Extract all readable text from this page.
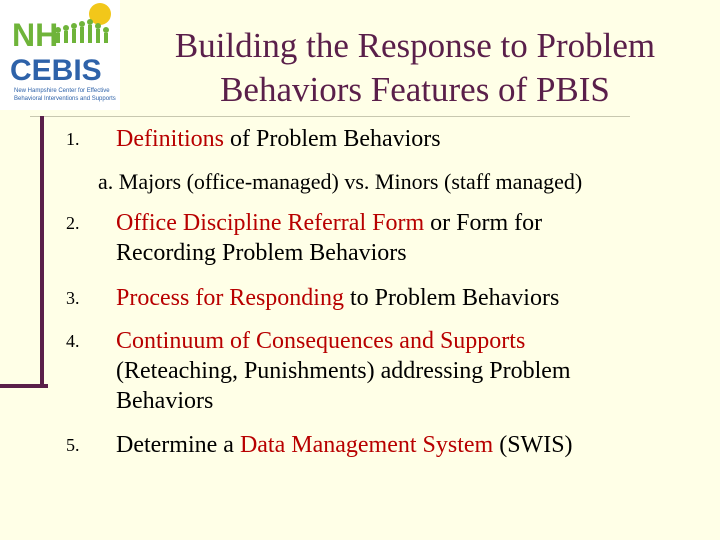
NH
CEBIS
New Hampshire Center for Effective
Behavioral Interventions and Supports
Building the Response to Problem
Behaviors Features of PBIS
1.	Definitions of Problem Behaviors
a. Majors (office-managed) vs. Minors (staff managed)
2.	Office Discipline Referral Form or Form for
Recording Problem Behaviors
3.	Process for Responding to Problem Behaviors
4.	Continuum of Consequences and Supports
(Reteaching, Punishments) addressing Problem
Behaviors
5.	Determine a Data Management System (SWIS)
